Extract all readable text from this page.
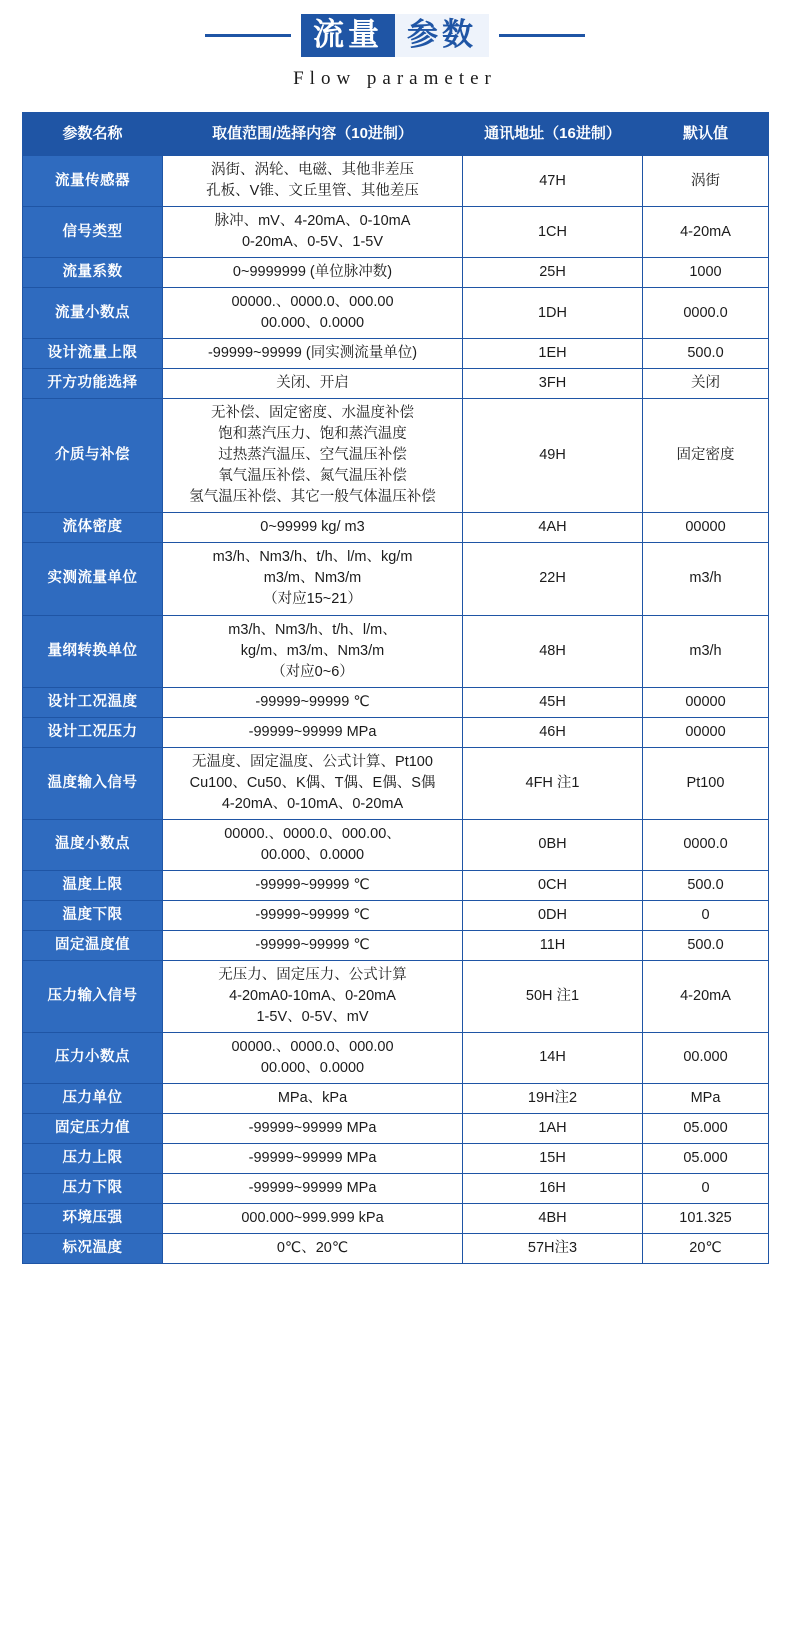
流量 参数
Flow parameter
参数名称	取值范围/选择内容（10进制）	通讯地址（16进制）	默认值
流量传感器	涡街、涡轮、电磁、其他非差压
孔板、V锥、文丘里管、其他差压	47H	涡街
信号类型	脉冲、mV、4-20mA、0-10mA
0-20mA、0-5V、1-5V	1CH	4-20mA
流量系数	0~9999999 (单位脉冲数)	25H	1000
流量小数点	00000.、0000.0、000.00
00.000、0.0000	1DH	0000.0
设计流量上限	-99999~99999 (同实测流量单位)	1EH	500.0
开方功能选择	关闭、开启	3FH	关闭
介质与补偿	无补偿、固定密度、水温度补偿
饱和蒸汽压力、饱和蒸汽温度
过热蒸汽温压、空气温压补偿
氧气温压补偿、氮气温压补偿
氢气温压补偿、其它一般气体温压补偿	49H	固定密度
流体密度	0~99999 kg/ m3	4AH	00000
实测流量单位	m3/h、Nm3/h、t/h、l/m、kg/m
m3/m、Nm3/m
（对应15~21）	22H	m3/h
量纲转换单位	m3/h、Nm3/h、t/h、l/m、
kg/m、m3/m、Nm3/m
（对应0~6）	48H	m3/h
设计工况温度	-99999~99999 ℃	45H	00000
设计工况压力	-99999~99999 MPa	46H	00000
温度输入信号	无温度、固定温度、公式计算、Pt100
Cu100、Cu50、K偶、T偶、E偶、S偶
4-20mA、0-10mA、0-20mA	4FH 注1	Pt100
温度小数点	00000.、0000.0、000.00、
00.000、0.0000	0BH	0000.0
温度上限	-99999~99999 ℃	0CH	500.0
温度下限	-99999~99999 ℃	0DH	0
固定温度值	-99999~99999 ℃	11H	500.0
压力输入信号	无压力、固定压力、公式计算
4-20mA0-10mA、0-20mA
1-5V、0-5V、mV	50H 注1	4-20mA
压力小数点	00000.、0000.0、000.00
00.000、0.0000	14H	00.000
压力单位	MPa、kPa	19H注2	MPa
固定压力值	-99999~99999 MPa	1AH	05.000
压力上限	-99999~99999 MPa	15H	05.000
压力下限	-99999~99999 MPa	16H	0
环境压强	000.000~999.999 kPa	4BH	101.325
标况温度	0℃、20℃	57H注3	20℃
